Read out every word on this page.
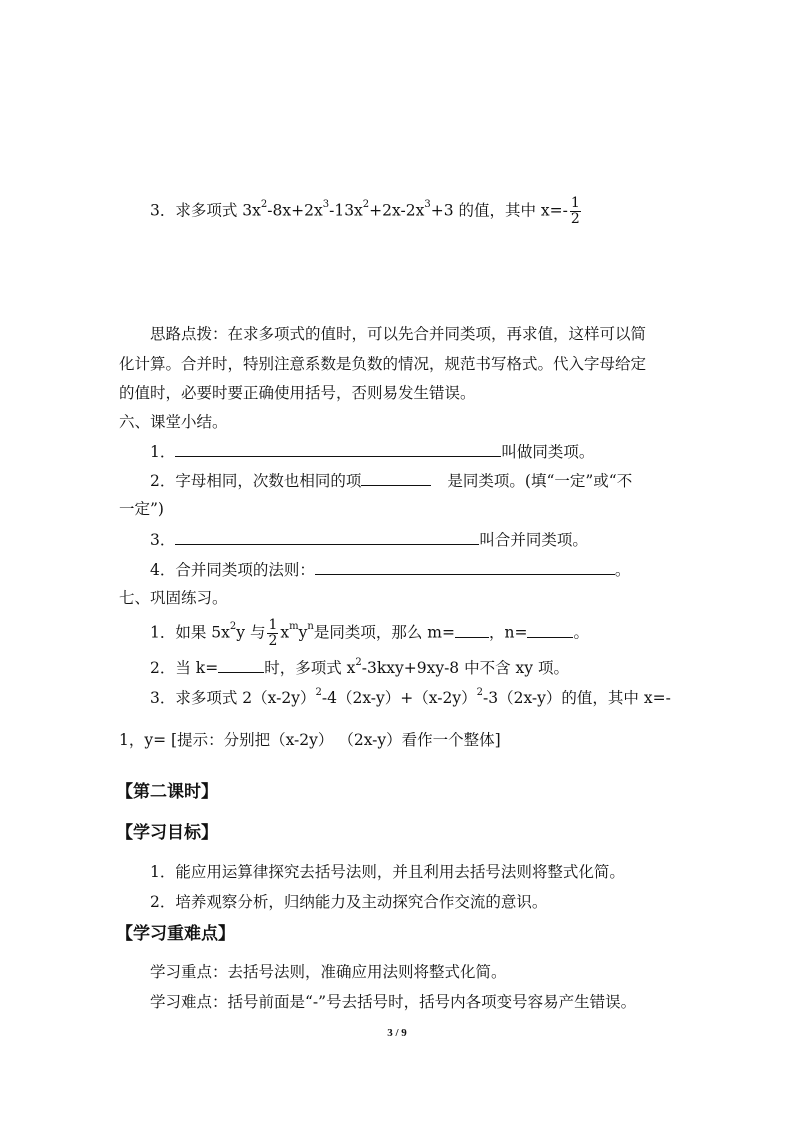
3．求多项式 $3x^2-8x+2x^3-13x^2+2x-2x^3+3$ 的值，其中 $x=- \frac{1}{2}$
思路点拨：在求多项式的值时，可以先合并同类项，再求值，这样可以简
化计算。合并时，特别注意系数是负数的情况，规范书写格式。代入字母给定
的值时，必要时要正确使用括号，否则易发生错误。
六、课堂小结。
1．	叫做同类项。
2．字母相同，次数也相同的项	是同类项。(填“一定”或“不
一定”)
3．	叫合并同类项。
4．合并同类项的法则：	。
七、巩固练习。
1．如果 $5x^2y$ 与 $\frac{1}{2} x^my^n$是同类项，那么 m= ，n=	。
2．当 k=	时，多项式 $x^2-3kxy+9xy-8$ 中不含 xy 项。
3．求多项式 $2(x-2y)^2-4(2x-y)+(x-2y)^2-3(2x-y)$的值，其中 x=-
1，y= [提示：分别把（x-2y） （2x-y）看作一个整体]
【第二课时】
【学习目标】
1．能应用运算律探究去括号法则，并且利用去括号法则将整式化简。
2．培养观察分析，归纳能力及主动探究合作交流的意识。
【学习重难点】
学习重点：去括号法则，准确应用法则将整式化简。
学习难点：括号前面是“-”号去括号时，括号内各项变号容易产生错误。
3 / 9
